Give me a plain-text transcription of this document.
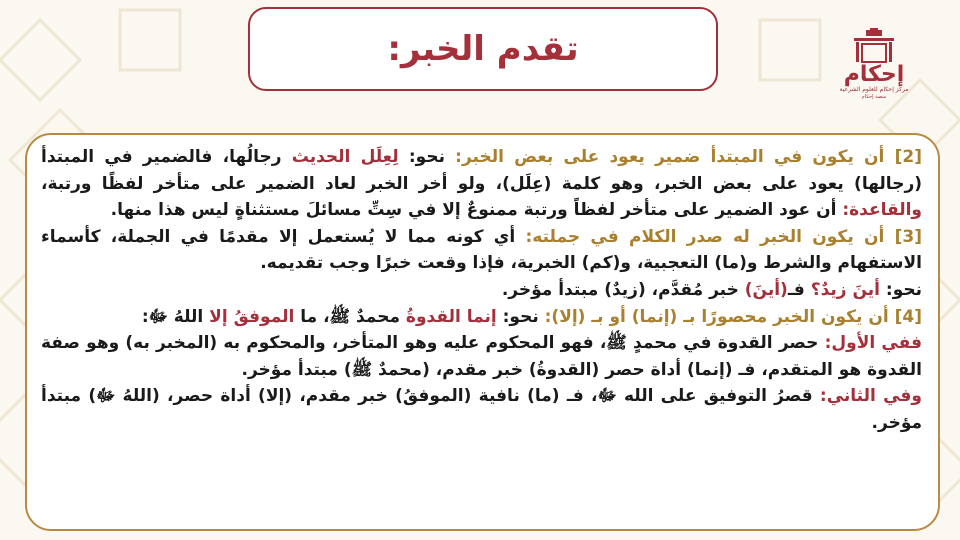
تقدم الخبر:
إحكام
مركز إحكام للعلوم الشرعية
منصة إحكام

[2] أن يكون في المبتدأ ضمير يعود على بعض الخبر: نحو: لِعِلَل الحديث رجالُها، فالضمير في المبتدأ (رجالها) يعود على بعض الخبر، وهو كلمة (عِلَل)، ولو أخر الخبر لعاد الضمير على متأخر لفظًا ورتبة، والقاعدة: أن عود الضمير على متأخر لفظاً ورتبة ممنوعٌ إلا في سِتِّ مسائلَ مستثناةٍ ليس هذا منها.

[3] أن يكون الخبر له صدر الكلام في جملته: أي كونه مما لا يُستعمل إلا مقدمًا في الجملة، كأسماء الاستفهام والشرط و(ما) التعجبية، و(كم) الخبرية، فإذا وقعت خبرًا وجب تقديمه.

نحو: أينَ زيدٌ؟ فـ(أينَ) خبر مُقدَّم، (زيدٌ) مبتدأ مؤخر.

[4] أن يكون الخبر محصورًا بـ (إنما) أو بـ (إلا): نحو: إنما القدوةُ محمدٌ ﷺ، ما الموفقُ إلا اللهُ ﷻ:

ففي الأول: حصر القدوة في محمدٍ ﷺ، فهو المحكوم عليه وهو المتأخر، والمحكوم به (المخبر به) وهو صفة القدوة هو المتقدم، فـ (إنما) أداة حصر (القدوةُ) خبر مقدم، (محمدٌ ﷺ) مبتدأ مؤخر.

وفي الثاني: قصرُ التوفيق على الله ﷻ، فـ (ما) نافية (الموفقُ) خبر مقدم، (إلا) أداة حصر، (اللهُ ﷻ) مبتدأ مؤخر.
